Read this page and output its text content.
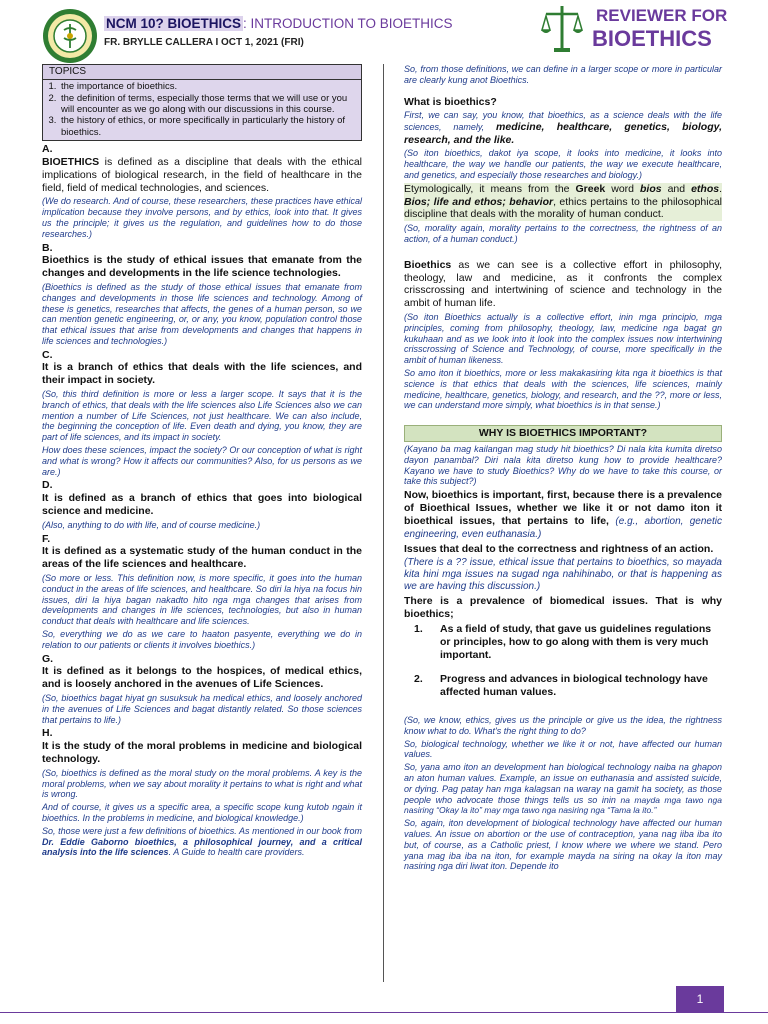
NCM 10? BIOETHICS : INTRODUCTION TO BIOETHICS
FR. BRYLLE CALLERA I OCT 1, 2021 (FRI)
REVIEWER FOR
BIOETHICS
TOPICS
1. the importance of bioethics.
2. the definition of terms, especially those terms that we will use or you will encounter as we go along with our discussions in this course.
3. the history of ethics, or more specifically in particularly the history of bioethics.

A.

BIOETHICS is defined as a discipline that deals with the ethical implications of biological research, in the field of healthcare in the field, field of medical technologies, and sciences.

(We do research. And of course, these researchers, these practices have ethical implication because they involve persons, and by ethics, look into that. It gives us the principle; it gives us the regulation, and guidelines how to do those researches.)

B.

Bioethics is the study of ethical issues that emanate from the changes and developments in the life science technologies.

(Bioethics is defined as the study of those ethical issues that emanate from changes and developments in those life sciences and technology. Among of these is genetics, researches that affects, the genes of a human person, so we can mention genetic engineering, or, or any, you know, population control those that ethical issues that arise from developments and changes that happens in life sciences and technologies.)

C.

It is a branch of ethics that deals with the life sciences, and their impact in society.

(So, this third definition is more or less a larger scope. It says that it is the branch of ethics, that deals with the life sciences also Life Sciences also we can mention a number of Life Sciences, not just healthcare. We can also include, the beginning the conception of life. Even death and dying, you know, they are part of life sciences, and its impact in society.

How does these sciences, impact the society? Or our conception of what is right and what is wrong? How it affects our communities? Also, for us persons as we are.)

D.

It is defined as a branch of ethics that goes into biological science and medicine.

(Also, anything to do with life, and of course medicine.)

F.

It is defined as a systematic study of the human conduct in the areas of the life sciences and healthcare.

(So more or less. This definition now, is more specific, it goes into the human conduct in the areas of life sciences, and healthcare. So diri la hiya na focus hin issues, diri la hiya bagan nakadto hito nga mga changes that arises from developments and changes in life sciences, technologies, but also in human conduct that deals with healthcare and life sciences.

So, everything we do as we care to haaton pasyente, everything we do in relation to our patients or clients it involves bioethics.)

G.

It is defined as it belongs to the hospices, of medical ethics, and is loosely anchored in the avenues of Life Sciences.

(So, bioethics bagat hiyat gn susuksuk ha medical ethics, and loosely anchored in the avenues of Life Sciences and bagat distantly related. So those sciences that pertains to life.)

H.

It is the study of the moral problems in medicine and biological technology.

(So, bioethics is defined as the moral study on the moral problems. A key is the moral problems, when we say about morality it pertains to what is right and what is wrong.

And of course, it gives us a specific area, a specific scope kung kutob ngain it bioethics. In the problems in medicine, and biological knowledge.)

So, those were just a few definitions of bioethics. As mentioned in our book from Dr. Eddie Gaborno bioethics, a philosophical journey, and a critical analysis into the life sciences. A Guide to health care providers.

So, from those definitions, we can define in a larger scope or more in particular are clearly kung anot Bioethics.

What is bioethics?

First, we can say, you know, that bioethics, as a science deals with the life sciences, namely, medicine, healthcare, genetics, biology, research, and the like.

(So iton bioethics, dakot iya scope, it looks into medicine, it looks into healthcare, the way we handle our patients, the way we execute healthcare, and genetics, and especially those researches and biology.)

Etymologically, it means from the Greek word bios and ethos. Bios; life and ethos; behavior, ethics pertains to the philosophical discipline that deals with the morality of human conduct.

(So, morality again, morality pertains to the correctness, the rightness of an action, of a human conduct.)

Bioethics as we can see is a collective effort in philosophy, theology, law and medicine, as it confronts the complex crisscrossing and intertwining of science and technology in the ambit of human life.

(So iton Bioethics actually is a collective effort, inin mga principio, mga principles, coming from philosophy, theology, law, medicine nga bagat gn kukuhaan and as we look into it look into the complex issues now intertwining crisscrossing of Science and Technology, of course, more specifically in the ambit of human likeness.

So amo iton it bioethics, more or less makakasiring kita nga it bioethics is that science is that ethics that deals with the sciences, life sciences, mainly medicine, healthcare, genetics, biology, and research, and the ??, more or less, we can understand more simply, what bioethics is in that sense.)

WHY IS BIOETHICS IMPORTANT?

(Kayano ba mag kailangan mag study hit bioethics? Di nala kita kumita diretso dayon panambal? Diri nala kita diretso kung how to provide healthcare? Kayano we have to study Bioethics? Why do we have to take this course, or take this subject?)

Now, bioethics is important, first, because there is a prevalence of Bioethical Issues, whether we like it or not damo iton it bioethical issues, that pertains to life, (e.g., abortion, genetic engineering, even euthanasia.)

Issues that deal to the correctness and rightness of an action.

(There is a ?? issue, ethical issue that pertains to bioethics, so mayada kita hini mga issues na sugad nga nahihinabo, or that is happening as we are having this discussion.)

There is a prevalence of biomedical issues. That is why bioethics;

1.	As a field of study, that gave us guidelines regulations or principles, how to go along with them is very much important.
2.	Progress and advances in biological technology have affected human values.

(So, we know, ethics, gives us the principle or give us the idea, the rightness know what to do. What's the right thing to do?

So, biological technology, whether we like it or not, have affected our human values.

So, yana amo iton an development han biological technology naiba na ghapon an aton human values. Example, an issue on euthanasia and assisted suicide, or dying. Pag patay han mga kalagsan na waray na gamit ha society, as those people who advocate those things tells us so inin na mayda mga tawo nga nasiring “Okay la ito” may mga tawo nga nasiring nga “Tama la ito.”

So, again, iton development of biological technology have affected our human values. An issue on abortion or the use of contraception, yana nag iiba iba ito but, of course, as a Catholic priest, I know where we where we stand. Pero yana mag iba iba na iton, for example mayda na siring na okay la iton may nasiring nga diri liwat iton. Depende ito

1
